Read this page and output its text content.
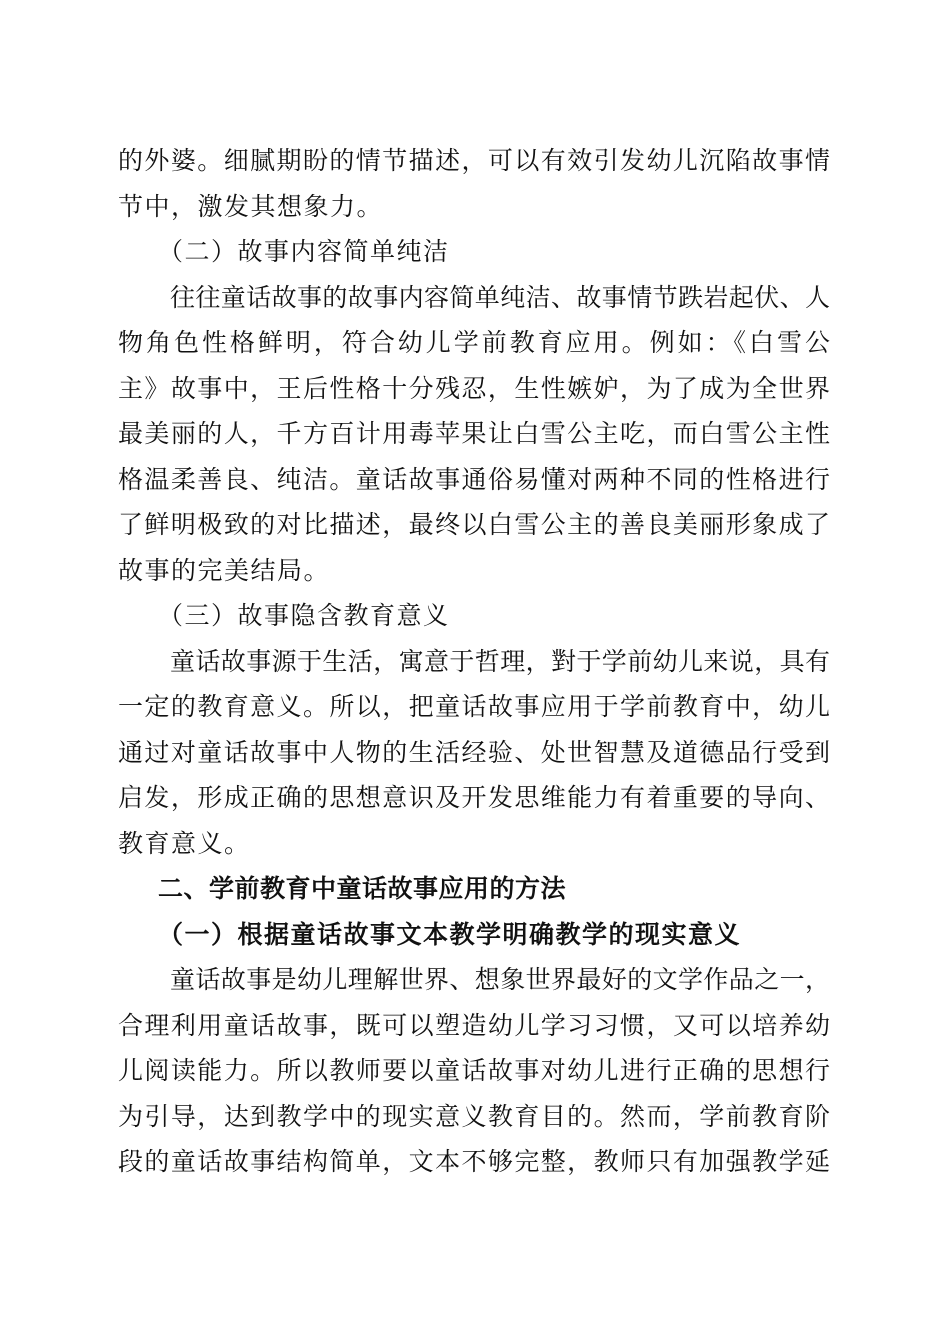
的外婆。细腻期盼的情节描述，可以有效引发幼儿沉陷故事情
节中，激发其想象力。
（二）故事内容简单纯洁
往往童话故事的故事内容简单纯洁、故事情节跌岩起伏、人
物角色性格鲜明，符合幼儿学前教育应用。例如：《白雪公
主》故事中，王后性格十分残忍，生性嫉妒，为了成为全世界
最美丽的人，千方百计用毒苹果让白雪公主吃，而白雪公主性
格温柔善良、纯洁。童话故事通俗易懂对两种不同的性格进行
了鲜明极致的对比描述，最终以白雪公主的善良美丽形象成了
故事的完美结局。
（三）故事隐含教育意义
童话故事源于生活，寓意于哲理，對于学前幼儿来说，具有
一定的教育意义。所以，把童话故事应用于学前教育中，幼儿
通过对童话故事中人物的生活经验、处世智慧及道德品行受到
启发，形成正确的思想意识及开发思维能力有着重要的导向、
教育意义。
二、学前教育中童话故事应用的方法
（一）根据童话故事文本教学明确教学的现实意义
童话故事是幼儿理解世界、想象世界最好的文学作品之一，
合理利用童话故事，既可以塑造幼儿学习习惯，又可以培养幼
儿阅读能力。所以教师要以童话故事对幼儿进行正确的思想行
为引导，达到教学中的现实意义教育目的。然而，学前教育阶
段的童话故事结构简单，文本不够完整，教师只有加强教学延
